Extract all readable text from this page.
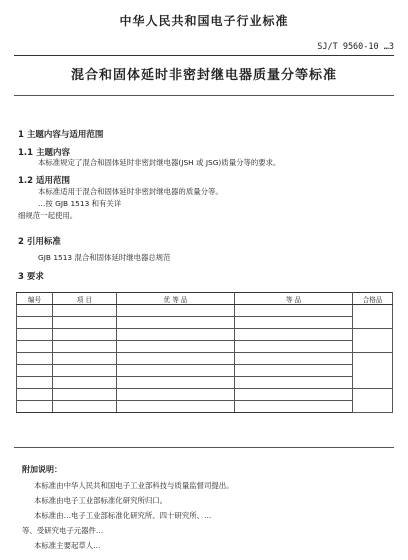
中华人民共和国电子行业标准
SJ/T 9560-10 …3
混合和固体延时非密封继电器质量分等标准
1 主题内容与适用范围
1.1 主题内容
本标准规定了混合和固体延时非密封继电器(JSH 或 JSG)质量分等的要求。
1.2 适用范围
本标准适用于混合和固体延时非密封继电器的质量分等。
…按 GJB 1513 和有关详
细规范一起使用。
2 引用标准
GJB 1513 混合和固体延时继电器总规范
3 要求
编号	项 目	优 等 品	等 品	合格品

附加说明：
本标准由中华人民共和国电子工业部科技与质量监督司提出。
本标准由电子工业部标准化研究所归口。
本标准由…电子工业部标准化研究所、四十研究所、…
等、受研究电子元器件…
本标准主要起草人…
